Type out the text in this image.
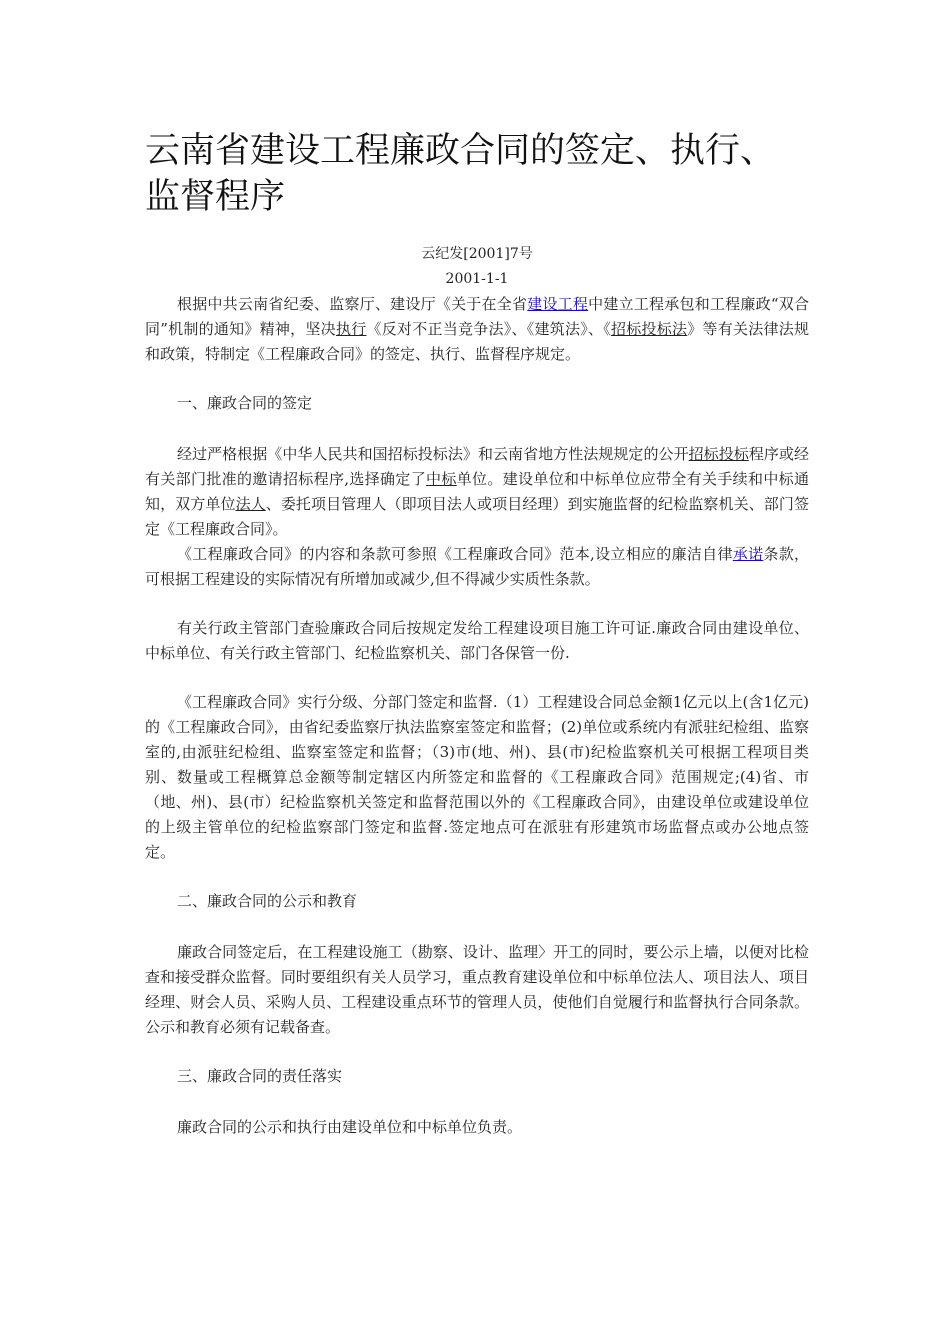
云南省建设工程廉政合同的签定、执行、
监督程序
云纪发[2001]7号
2001-1-1

根据中共云南省纪委、监察厅、建设厅《关于在全省建设工程中建立工程承包和工程廉政“双合同”机制的通知》精神，坚决执行《反对不正当竞争法》、《建筑法》、《招标投标法》等有关法律法规和政策，特制定《工程廉政合同》的签定、执行、监督程序规定。

一、廉政合同的签定

经过严格根据《中华人民共和国招标投标法》和云南省地方性法规规定的公开招标投标程序或经有关部门批准的邀请招标程序,选择确定了中标单位。建设单位和中标单位应带全有关手续和中标通知，双方单位法人、委托项目管理人（即项目法人或项目经理）到实施监督的纪检监察机关、部门签定《工程廉政合同》。

《工程廉政合同》的内容和条款可参照《工程廉政合同》范本,设立相应的廉洁自律承诺条款，可根据工程建设的实际情况有所增加或减少,但不得减少实质性条款。

有关行政主管部门查验廉政合同后按规定发给工程建设项目施工许可证.廉政合同由建设单位、中标单位、有关行政主管部门、纪检监察机关、部门各保管一份.

《工程廉政合同》实行分级、分部门签定和监督.（1）工程建设合同总金额1亿元以上(含1亿元)的《工程廉政合同》，由省纪委监察厅执法监察室签定和监督；(2)单位或系统内有派驻纪检组、监察室的,由派驻纪检组、监察室签定和监督；（3)市(地、州)、县(市)纪检监察机关可根据工程项目类别、数量或工程概算总金额等制定辖区内所签定和监督的《工程廉政合同》范围规定;(4)省、市（地、州)、县(市）纪检监察机关签定和监督范围以外的《工程廉政合同》，由建设单位或建设单位的上级主管单位的纪检监察部门签定和监督.签定地点可在派驻有形建筑市场监督点或办公地点签定。

二、廉政合同的公示和教育

廉政合同签定后，在工程建设施工（勘察、设计、监理〉开工的同时，要公示上墙，以便对比检查和接受群众监督。同时要组织有关人员学习，重点教育建设单位和中标单位法人、项目法人、项目经理、财会人员、采购人员、工程建设重点环节的管理人员，使他们自觉履行和监督执行合同条款。公示和教育必须有记载备查。

三、廉政合同的责任落实

廉政合同的公示和执行由建设单位和中标单位负责。
